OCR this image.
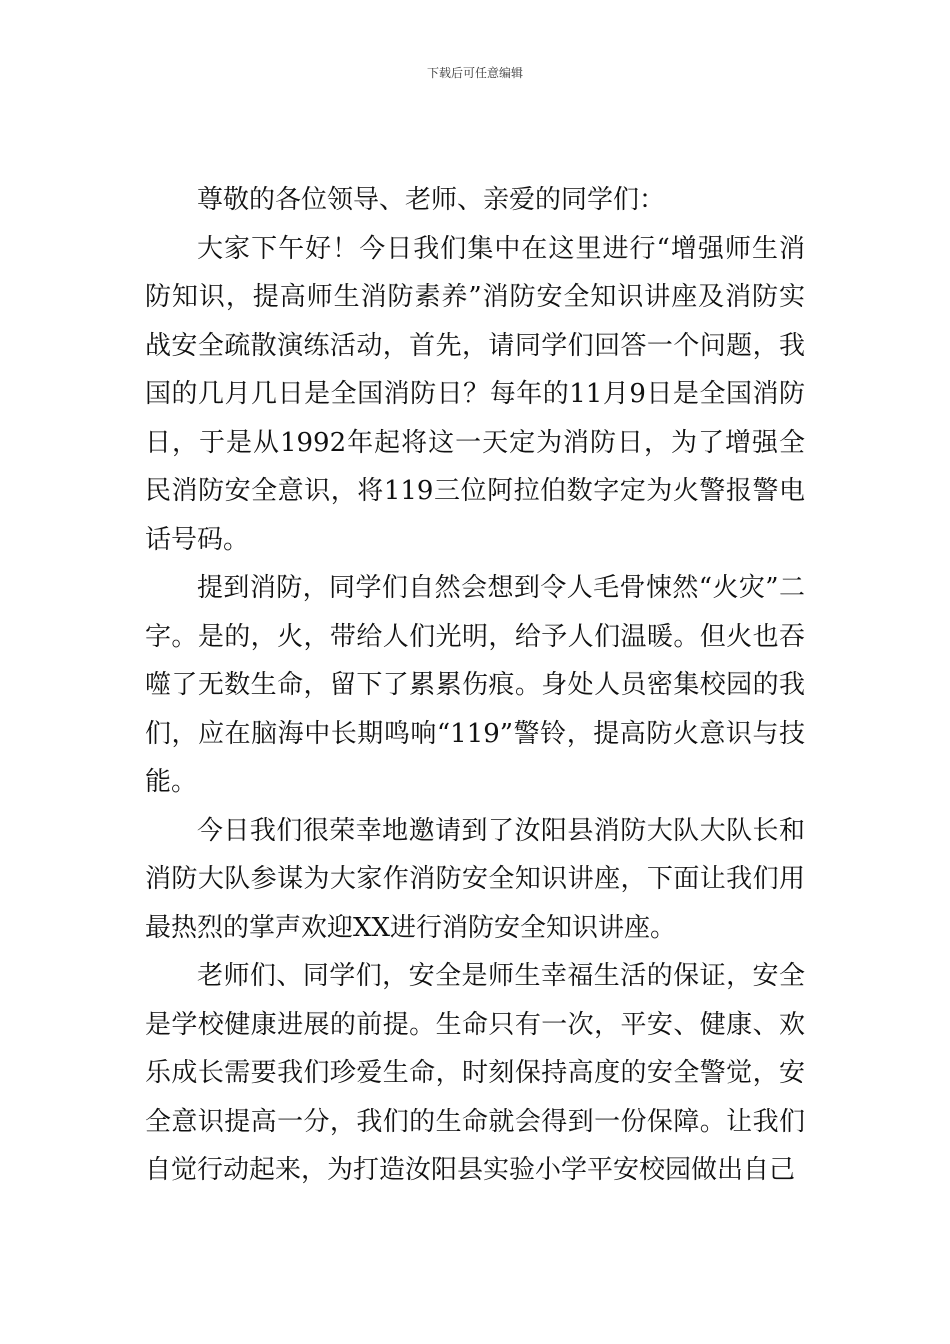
下载后可任意编辑

尊敬的各位领导、老师、亲爱的同学们：

大家下午好！今日我们集中在这里进行“增强师生消防知识，提高师生消防素养”消防安全知识讲座及消防实战安全疏散演练活动，首先，请同学们回答一个问题，我国的几月几日是全国消防日？每年的11月9日是全国消防日，于是从1992年起将这一天定为消防日，为了增强全民消防安全意识，将119三位阿拉伯数字定为火警报警电话号码。

提到消防，同学们自然会想到令人毛骨悚然“火灾”二字。是的，火，带给人们光明，给予人们温暖。但火也吞噬了无数生命，留下了累累伤痕。身处人员密集校园的我们，应在脑海中长期鸣响“119”警铃，提高防火意识与技能。

今日我们很荣幸地邀请到了汝阳县消防大队大队长和消防大队参谋为大家作消防安全知识讲座，下面让我们用最热烈的掌声欢迎XX进行消防安全知识讲座。

老师们、同学们，安全是师生幸福生活的保证，安全是学校健康进展的前提。生命只有一次，平安、健康、欢乐成长需要我们珍爱生命，时刻保持高度的安全警觉，安全意识提高一分，我们的生命就会得到一份保障。让我们自觉行动起来，为打造汝阳县实验小学平安校园做出自己
